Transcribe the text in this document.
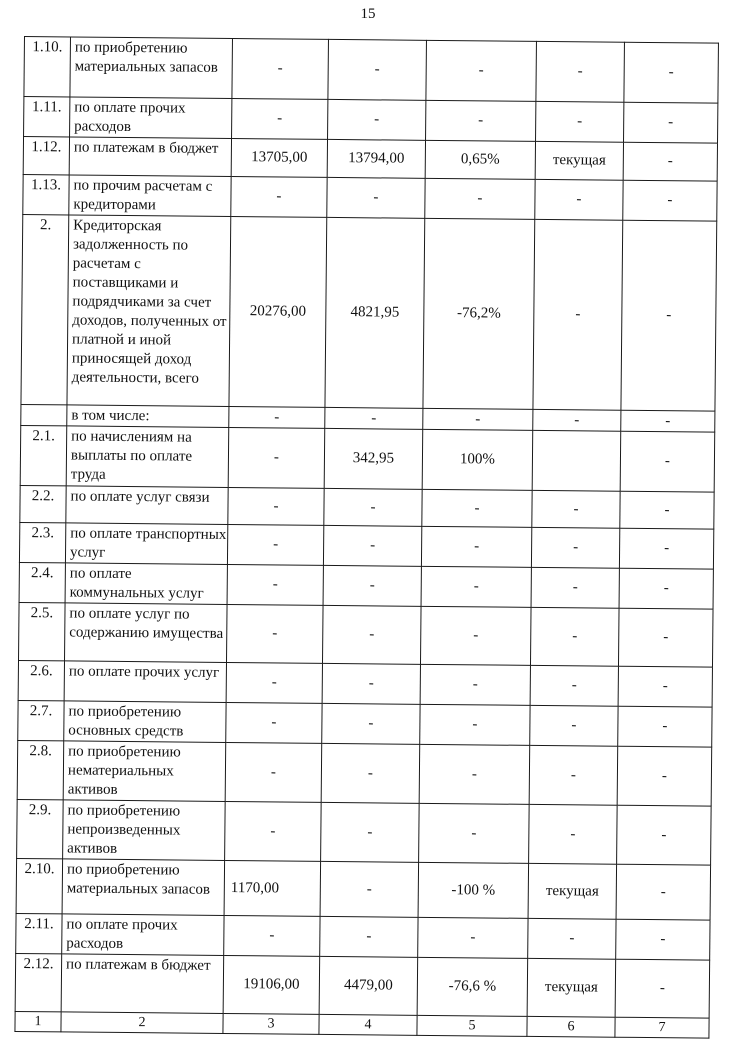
15
1.10.	по приобретению материальных запасов	-	-	-	-	-
1.11.	по оплате прочих расходов	-	-	-	-	-
1.12.	по платежам в бюджет	13705,00	13794,00	0,65%	текущая	-
1.13.	по прочим расчетам с кредиторами	-	-	-	-	-
2.	Кредиторская задолженность по расчетам с поставщиками и подрядчиками за счет доходов, полученных от платной и иной приносящей доход деятельности, всего	20276,00	4821,95	-76,2%	-	-
	в том числе:	-	-	-	-	-
2.1.	по начислениям на выплаты по оплате труда	-	342,95	100%		-
2.2.	по оплате услуг связи	-	-	-	-	-
2.3.	по оплате транспортных услуг	-	-	-	-	-
2.4.	по оплате коммунальных услуг	-	-	-	-	-
2.5.	по оплате услуг по содержанию имущества	-	-	-	-	-
2.6.	по оплате прочих услуг	-	-	-	-	-
2.7.	по приобретению основных средств	-	-	-	-	-
2.8.	по приобретению нематериальных активов	-	-	-	-	-
2.9.	по приобретению непроизведенных активов	-	-	-	-	-
2.10.	по приобретению материальных запасов	1170,00	-	-100 %	текущая	-
2.11.	по оплате прочих расходов	-	-	-	-	-
2.12.	по платежам в бюджет	19106,00	4479,00	-76,6 %	текущая	-
1	2	3	4	5	6	7
